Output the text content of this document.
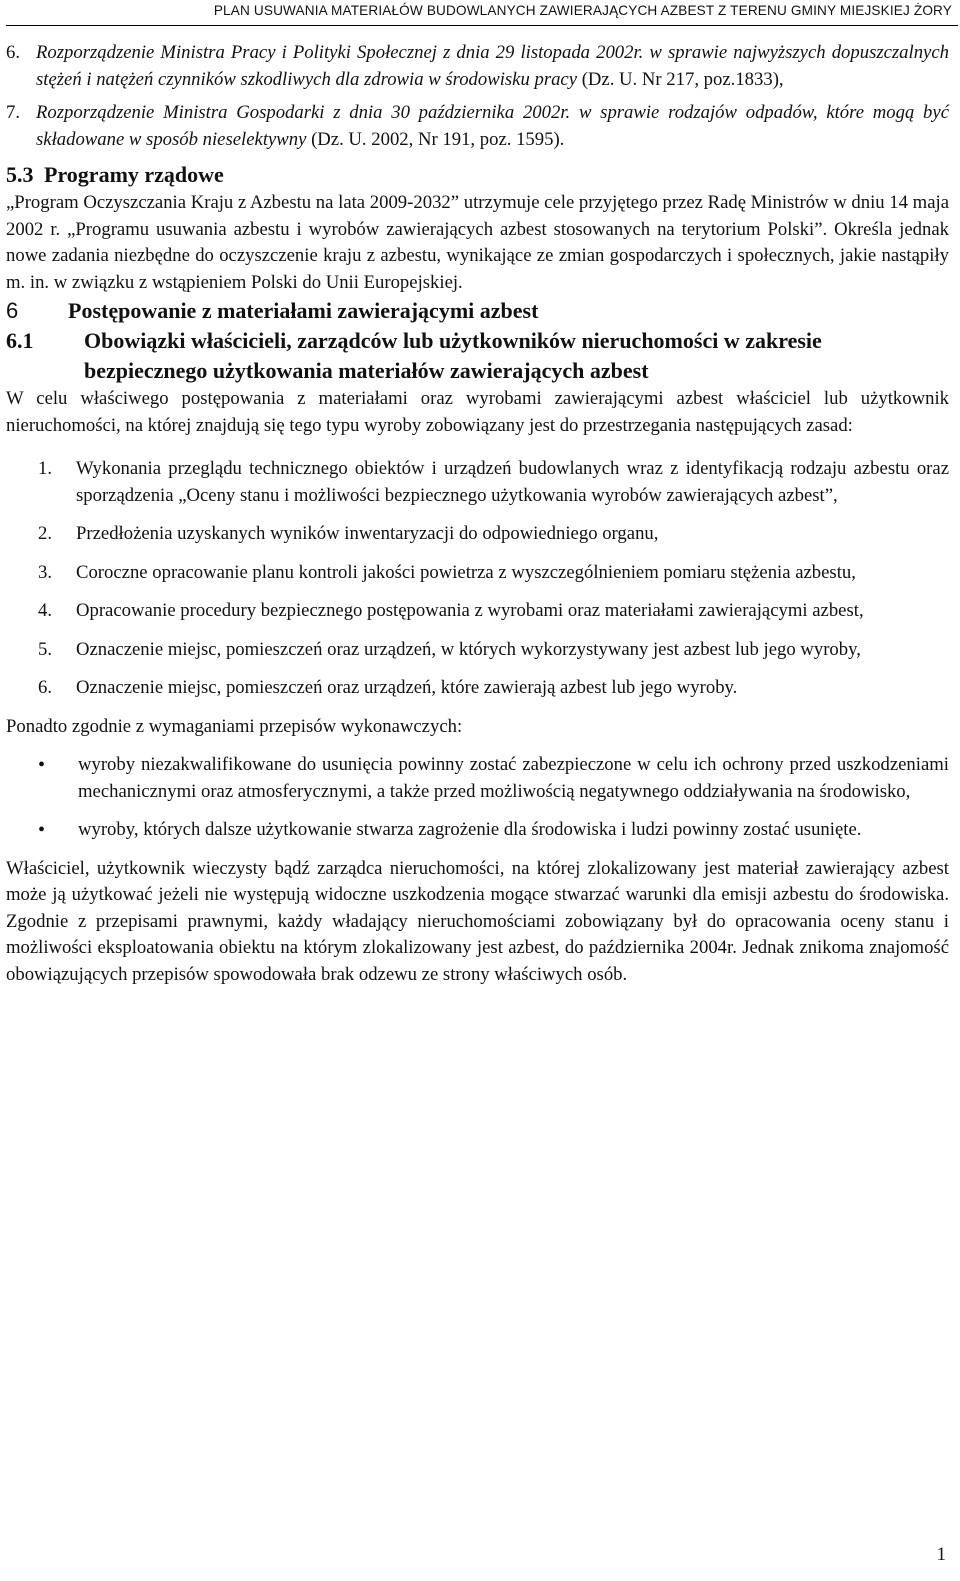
PLAN USUWANIA MATERIAŁÓW BUDOWLANYCH ZAWIERAJĄCYCH AZBEST Z TERENU GMINY MIEJSKIEJ ŻORY
6. Rozporządzenie Ministra Pracy i Polityki Społecznej z dnia 29 listopada 2002r. w sprawie najwyższych dopuszczalnych stężeń i natężeń czynników szkodliwych dla zdrowia w środowisku pracy (Dz. U. Nr 217, poz.1833),
7. Rozporządzenie Ministra Gospodarki z dnia 30 października 2002r. w sprawie rodzajów odpadów, które mogą być składowane w sposób nieselektywny (Dz. U. 2002, Nr 191, poz. 1595).
5.3 Programy rządowe

„Program Oczyszczania Kraju z Azbestu na lata 2009-2032” utrzymuje cele przyjętego przez Radę Ministrów w dniu 14 maja 2002 r. „Programu usuwania azbestu i wyrobów zawierających azbest stosowanych na terytorium Polski”. Określa jednak nowe zadania niezbędne do oczyszczenie kraju z azbestu, wynikające ze zmian gospodarczych i społecznych, jakie nastąpiły m. in. w związku z wstąpieniem Polski do Unii Europejskiej.

6	Postępowanie z materiałami zawierającymi azbest
6.1	Obowiązki właścicieli, zarządców lub użytkowników nieruchomości w zakresie bezpiecznego użytkowania materiałów zawierających azbest

W celu właściwego postępowania z materiałami oraz wyrobami zawierającymi azbest właściciel lub użytkownik nieruchomości, na której znajdują się tego typu wyroby zobowiązany jest do przestrzegania następujących zasad:

1.	Wykonania przeglądu technicznego obiektów i urządzeń budowlanych wraz z identyfikacją rodzaju azbestu oraz sporządzenia „Oceny stanu i możliwości bezpiecznego użytkowania wyrobów zawierających azbest”,
2.	Przedłożenia uzyskanych wyników inwentaryzacji do odpowiedniego organu,
3.	Coroczne opracowanie planu kontroli jakości powietrza z wyszczególnieniem pomiaru stężenia azbestu,
4.	Opracowanie procedury bezpiecznego postępowania z wyrobami oraz materiałami zawierającymi azbest,
5.	Oznaczenie miejsc, pomieszczeń oraz urządzeń, w których wykorzystywany jest azbest lub jego wyroby,
6.	Oznaczenie miejsc, pomieszczeń oraz urządzeń, które zawierają azbest lub jego wyroby.

Ponadto zgodnie z wymaganiami przepisów wykonawczych:

•	wyroby niezakwalifikowane do usunięcia powinny zostać zabezpieczone w celu ich ochrony przed uszkodzeniami mechanicznymi oraz atmosferycznymi, a także przed możliwością negatywnego oddziaływania na środowisko,
•	wyroby, których dalsze użytkowanie stwarza zagrożenie dla środowiska i ludzi powinny zostać usunięte.

Właściciel, użytkownik wieczysty bądź zarządca nieruchomości, na której zlokalizowany jest materiał zawierający azbest może ją użytkować jeżeli nie występują widoczne uszkodzenia mogące stwarzać warunki dla emisji azbestu do środowiska. Zgodnie z przepisami prawnymi, każdy władający nieruchomościami zobowiązany był do opracowania oceny stanu i możliwości eksploatowania obiektu na którym zlokalizowany jest azbest, do października 2004r. Jednak znikoma znajomość obowiązujących przepisów spowodowała brak odzewu ze strony właściwych osób.

1
